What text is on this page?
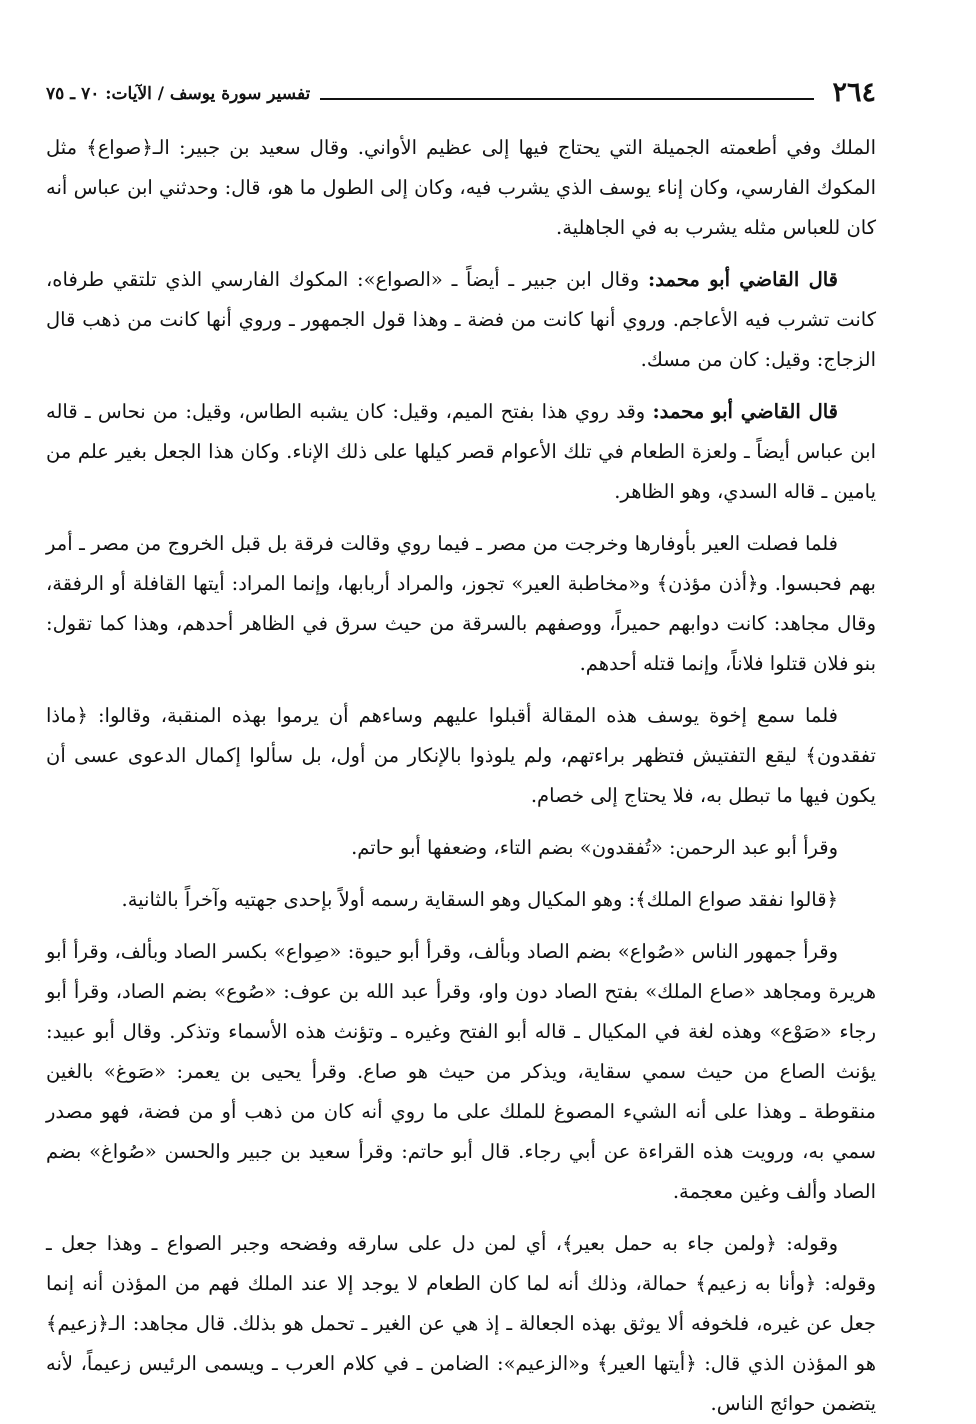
٢٦٤
تفسير سورة يوسف / الآيات: ٧٠ ـ ٧٥

الملك وفي أطعمته الجميلة التي يحتاج فيها إلى عظيم الأواني. وقال سعيد بن جبير: الـ﴿صواع﴾ مثل المكوك الفارسي، وكان إناء يوسف الذي يشرب فيه، وكان إلى الطول ما هو، قال: وحدثني ابن عباس أنه كان للعباس مثله يشرب به في الجاهلية.

قال القاضي أبو محمد: وقال ابن جبير ـ أيضاً ـ «الصواع»: المكوك الفارسي الذي تلتقي طرفاه، كانت تشرب فيه الأعاجم. وروي أنها كانت من فضة ـ وهذا قول الجمهور ـ وروي أنها كانت من ذهب قال الزجاج: وقيل: كان من مسك.

قال القاضي أبو محمد: وقد روي هذا بفتح الميم، وقيل: كان يشبه الطاس، وقيل: من نحاس ـ قاله ابن عباس أيضاً ـ ولعزة الطعام في تلك الأعوام قصر كيلها على ذلك الإناء. وكان هذا الجعل بغير علم من يامين ـ قاله السدي، وهو الظاهر.

فلما فصلت العير بأوفارها وخرجت من مصر ـ فيما روي وقالت فرقة بل قبل الخروج من مصر ـ أمر بهم فحبسوا. و﴿أذن مؤذن﴾ و«مخاطبة العير» تجوز، والمراد أربابها، وإنما المراد: أيتها القافلة أو الرفقة، وقال مجاهد: كانت دوابهم حميراً، ووصفهم بالسرقة من حيث سرق في الظاهر أحدهم، وهذا كما تقول: بنو فلان قتلوا فلاناً، وإنما قتله أحدهم.

فلما سمع إخوة يوسف هذه المقالة أقبلوا عليهم وساءهم أن يرموا بهذه المنقبة، وقالوا: ﴿ماذا تفقدون﴾ ليقع التفتيش فتظهر براءتهم، ولم يلوذوا بالإنكار من أول، بل سألوا إكمال الدعوى عسى أن يكون فيها ما تبطل به، فلا يحتاج إلى خصام.

وقرأ أبو عبد الرحمن: «تُفقدون» بضم التاء، وضعفها أبو حاتم.

﴿قالوا نفقد صواع الملك﴾: وهو المكيال وهو السقاية رسمه أولاً بإحدى جهتيه وآخراً بالثانية.

وقرأ جمهور الناس «صُواع» بضم الصاد وبألف، وقرأ أبو حيوة: «صِواع» بكسر الصاد وبألف، وقرأ أبو هريرة ومجاهد «صاع الملك» بفتح الصاد دون واو، وقرأ عبد الله بن عوف: «صُوع» بضم الصاد، وقرأ أبو رجاء «صَوْع» وهذه لغة في المكيال ـ قاله أبو الفتح وغيره ـ وتؤنث هذه الأسماء وتذكر. وقال أبو عبيد: يؤنث الصاع من حيث سمي سقاية، ويذكر من حيث هو صاع. وقرأ يحيى بن يعمر: «صَوغ» بالغين منقوطة ـ وهذا على أنه الشيء المصوغ للملك على ما روي أنه كان من ذهب أو من فضة، فهو مصدر سمي به، ورويت هذه القراءة عن أبي رجاء. قال أبو حاتم: وقرأ سعيد بن جبير والحسن «صُواغ» بضم الصاد وألف وغين معجمة.

وقوله: ﴿ولمن جاء به حمل بعير﴾، أي لمن دل على سارقه وفضحه وجبر الصواع ـ وهذا جعل ـ وقوله: ﴿وأنا به زعيم﴾ حمالة، وذلك أنه لما كان الطعام لا يوجد إلا عند الملك فهم من المؤذن أنه إنما جعل عن غيره، فلخوفه ألا يوثق بهذه الجعالة ـ إذ هي عن الغير ـ تحمل هو بذلك. قال مجاهد: الـ﴿زعيم﴾ هو المؤذن الذي قال: ﴿أيتها العير﴾ و«الزعيم»: الضامن ـ في كلام العرب ـ ويسمى الرئيس زعيماً، لأنه يتضمن حوائج الناس.
